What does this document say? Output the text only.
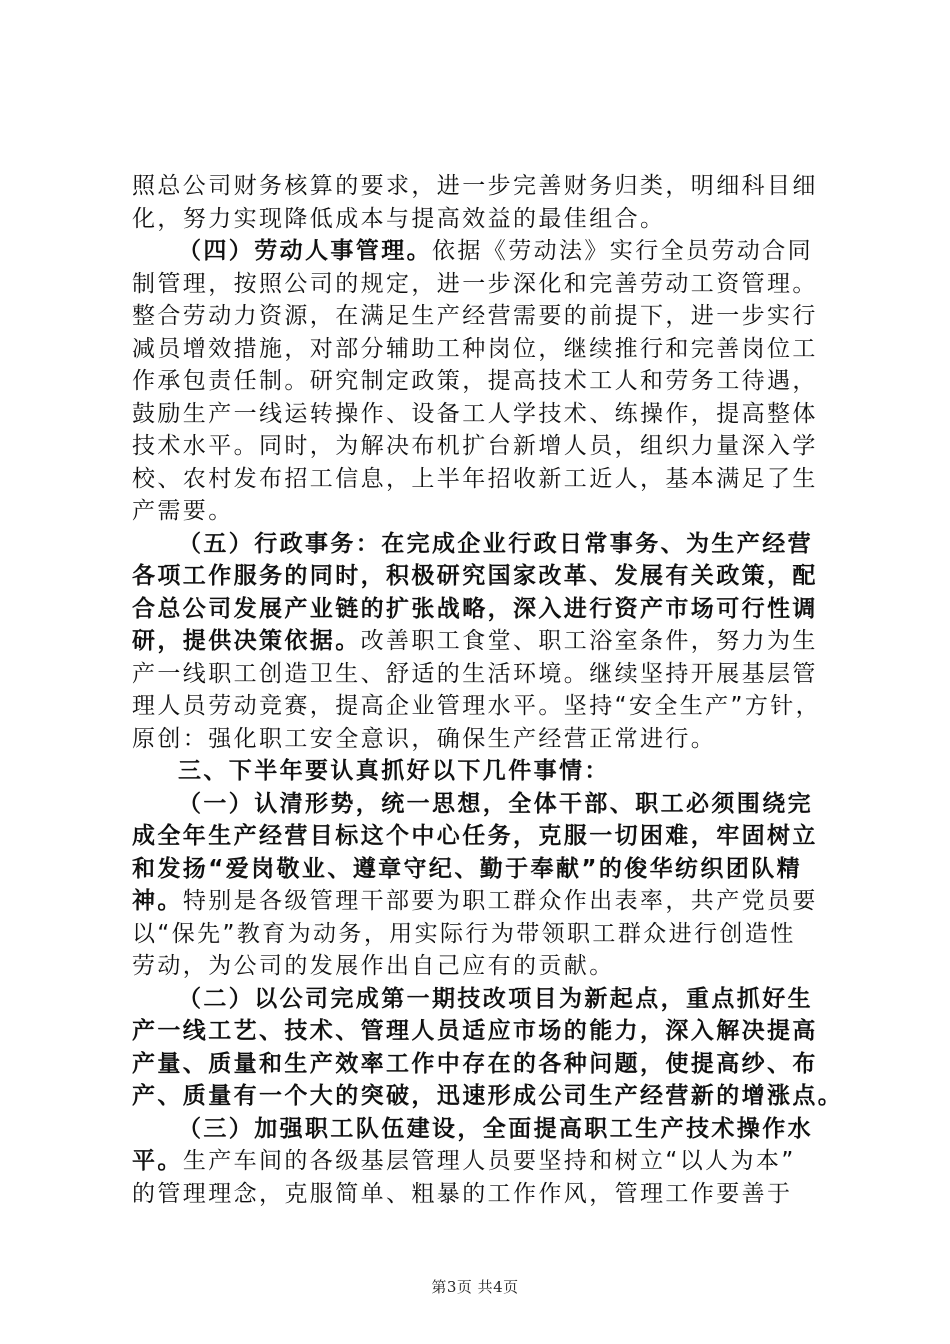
照总公司财务核算的要求，进一步完善财务归类，明细科目细
化，努力实现降低成本与提高效益的最佳组合。
（四）劳动人事管理。依据《劳动法》实行全员劳动合同
制管理，按照公司的规定，进一步深化和完善劳动工资管理。
整合劳动力资源，在满足生产经营需要的前提下，进一步实行
减员增效措施，对部分辅助工种岗位，继续推行和完善岗位工
作承包责任制。研究制定政策，提高技术工人和劳务工待遇，
鼓励生产一线运转操作、设备工人学技术、练操作，提高整体
技术水平。同时，为解决布机扩台新增人员，组织力量深入学
校、农村发布招工信息，上半年招收新工近人，基本满足了生
产需要。
（五）行政事务：在完成企业行政日常事务、为生产经营
各项工作服务的同时，积极研究国家改革、发展有关政策，配
合总公司发展产业链的扩张战略，深入进行资产市场可行性调
研，提供决策依据。改善职工食堂、职工浴室条件，努力为生
产一线职工创造卫生、舒适的生活环境。继续坚持开展基层管
理人员劳动竞赛，提高企业管理水平。坚持“安全生产”方针，
原创：强化职工安全意识，确保生产经营正常进行。
三、下半年要认真抓好以下几件事情：
（一）认清形势，统一思想，全体干部、职工必须围绕完
成全年生产经营目标这个中心任务，克服一切困难，牢固树立
和发扬“爱岗敬业、遵章守纪、勤于奉献”的俊华纺织团队精
神。特别是各级管理干部要为职工群众作出表率，共产党员要
以“保先”教育为动务，用实际行为带领职工群众进行创造性
劳动，为公司的发展作出自己应有的贡献。
（二）以公司完成第一期技改项目为新起点，重点抓好生
产一线工艺、技术、管理人员适应市场的能力，深入解决提高
产量、质量和生产效率工作中存在的各种问题，使提高纱、布
产、质量有一个大的突破，迅速形成公司生产经营新的增涨点。
（三）加强职工队伍建设，全面提高职工生产技术操作水
平。生产车间的各级基层管理人员要坚持和树立“以人为本”
的管理理念，克服简单、粗暴的工作作风，管理工作要善于
第3页 共4页
